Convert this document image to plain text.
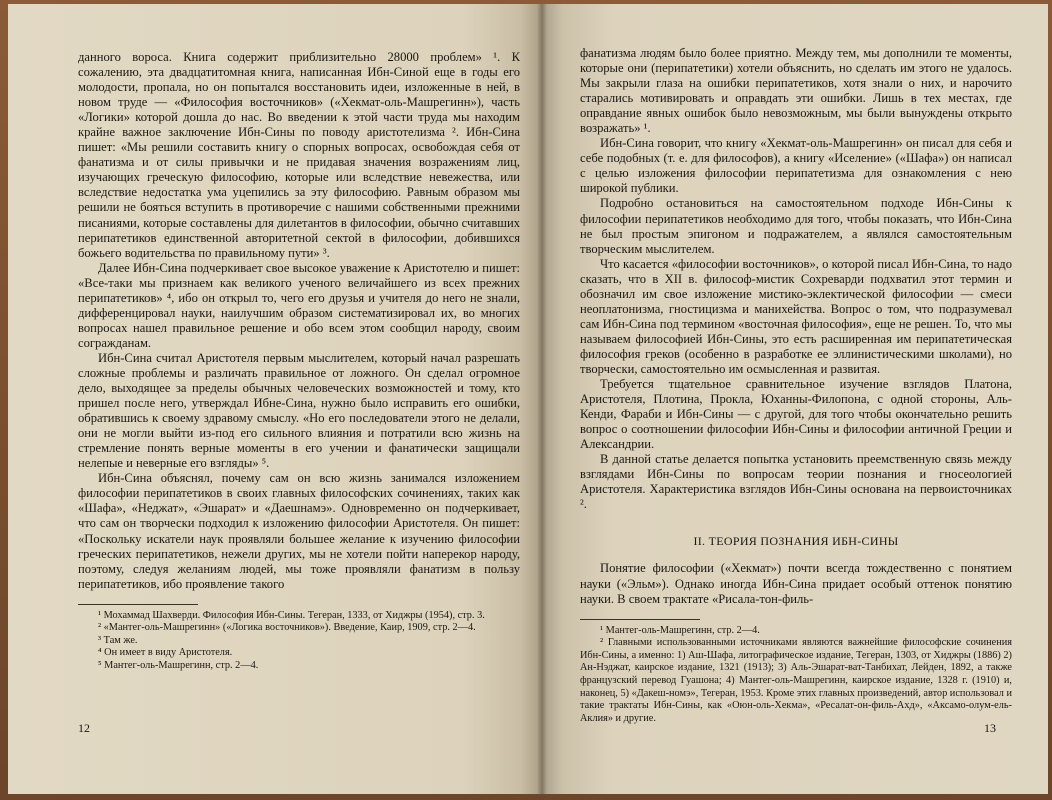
данного вороса. Книга содержит приблизительно 28000 проблем» ¹. К сожалению, эта двадцатитомная книга, написанная Ибн-Синой еще в годы его молодости, пропала, но он попытался восстановить идеи, изложенные в ней, в новом труде — «Философия восточников» («Хекмат-оль-Машрегинн»), часть «Логики» которой дошла до нас. Во введении к этой части труда мы находим крайне важное заключение Ибн-Сины по поводу аристотелизма ². Ибн-Сина пишет: «Мы решили составить книгу о спорных вопросах, освобождая себя от фанатизма и от силы привычки и не придавая значения возражениям лиц, изучающих греческую философию, которые или вследствие невежества, или вследствие недостатка ума уцепились за эту философию. Равным образом мы решили не бояться вступить в противоречие с нашими собственными прежними писаниями, которые составлены для дилетантов в философии, обычно считавших перипатетиков единственной авторитетной сектой в философии, добившихся божьего водительства по правильному пути» ³.

Далее Ибн-Сина подчеркивает свое высокое уважение к Аристотелю и пишет: «Все-таки мы признаем как великого ученого величайшего из всех прежних перипатетиков» ⁴, ибо он открыл то, чего его друзья и учителя до него не знали, дифференцировал науки, наилучшим образом систематизировал их, во многих вопросах нашел правильное решение и обо всем этом сообщил народу, своим согражданам.

Ибн-Сина считал Аристотеля первым мыслителем, который начал разрешать сложные проблемы и различать правильное от ложного. Он сделал огромное дело, выходящее за пределы обычных человеческих возможностей и тому, кто пришел после него, утверждал Ибне-Сина, нужно было исправить его ошибки, обратившись к своему здравому смыслу. «Но его последователи этого не делали, они не могли выйти из-под его сильного влияния и потратили всю жизнь на стремление понять верные моменты в его учении и фанатически защищали нелепые и неверные его взгляды» ⁵.

Ибн-Сина объяснял, почему сам он всю жизнь занимался изложением философии перипатетиков в своих главных философских сочинениях, таких как «Шафа», «Неджат», «Эшарат» и «Даешнамэ». Одновременно он подчеркивает, что сам он творчески подходил к изложению философии Аристотеля. Он пишет: «Поскольку искатели наук проявляли большее желание к изучению философии греческих перипатетиков, нежели других, мы не хотели пойти наперекор народу, поэтому, следуя желаниям людей, мы тоже проявляли фанатизм в пользу перипатетиков, ибо проявление такого

¹ Мохаммад Шахверди. Философия Ибн-Сины. Тегеран, 1333, от Хиджры (1954), стр. 3.

² «Мантег-оль-Машрегинн» («Логика восточников»). Введение, Каир, 1909, стр. 2—4.

³ Там же.

⁴ Он имеет в виду Аристотеля.

⁵ Мантег-оль-Машрегинн, стр. 2—4.

12

фанатизма людям было более приятно. Между тем, мы дополнили те моменты, которые они (перипатетики) хотели объяснить, но сделать им этого не удалось. Мы закрыли глаза на ошибки перипатетиков, хотя знали о них, и нарочито старались мотивировать и оправдать эти ошибки. Лишь в тех местах, где оправдание явных ошибок было невозможным, мы были вынуждены открыто возражать» ¹.

Ибн-Сина говорит, что книгу «Хекмат-оль-Машрегинн» он писал для себя и себе подобных (т. е. для философов), а книгу «Иселение» («Шафа») он написал с целью изложения философии перипатетизма для ознакомления с нею широкой публики.

Подробно остановиться на самостоятельном подходе Ибн-Сины к философии перипатетиков необходимо для того, чтобы показать, что Ибн-Сина не был простым эпигоном и подражателем, а являлся самостоятельным творческим мыслителем.

Что касается «философии восточников», о которой писал Ибн-Сина, то надо сказать, что в XII в. философ-мистик Сохреварди подхватил этот термин и обозначил им свое изложение мистико-эклектической философии — смеси неоплатонизма, гностицизма и манихейства. Вопрос о том, что подразумевал сам Ибн-Сина под термином «восточная философия», еще не решен. То, что мы называем философией Ибн-Сины, это есть расширенная им перипатетическая философия греков (особенно в разработке ее эллинистическими школами), но творчески, самостоятельно им осмысленная и развитая.

Требуется тщательное сравнительное изучение взглядов Платона, Аристотеля, Плотина, Прокла, Юханны-Филопона, с одной стороны, Аль-Кенди, Фараби и Ибн-Сины — с другой, для того чтобы окончательно решить вопрос о соотношении философии Ибн-Сины и философии античной Греции и Александрии.

В данной статье делается попытка установить преемственную связь между взглядами Ибн-Сины по вопросам теории познания и гносеологией Аристотеля. Характеристика взглядов Ибн-Сины основана на первоисточниках ².

II. ТЕОРИЯ ПОЗНАНИЯ ИБН-СИНЫ

Понятие философии («Хекмат») почти всегда тождественно с понятием науки («Эльм»). Однако иногда Ибн-Сина придает особый оттенок понятию науки. В своем трактате «Рисала-тон-филь-

¹ Мантег-оль-Машрегинн, стр. 2—4.

² Главными использованными источниками являются важнейшие философские сочинения Ибн-Сины, а именно: 1) Аш-Шафа, литографическое издание, Тегеран, 1303, от Хиджры (1886) 2) Ан-Нэджат, каирское издание, 1321 (1913); 3) Аль-Эшарат-ват-Танбихат, Лейден, 1892, а также французский перевод Гуашона; 4) Мантег-оль-Машрегинн, каирское издание, 1328 г. (1910) и, наконец, 5) «Дакеш-номэ», Тегеран, 1953. Кроме этих главных произведений, автор использовал и такие трактаты Ибн-Сины, как «Оюн-оль-Хекма», «Ресалат-он-филь-Ахд», «Аксамо-олум-ель-Аклия» и другие.

13
